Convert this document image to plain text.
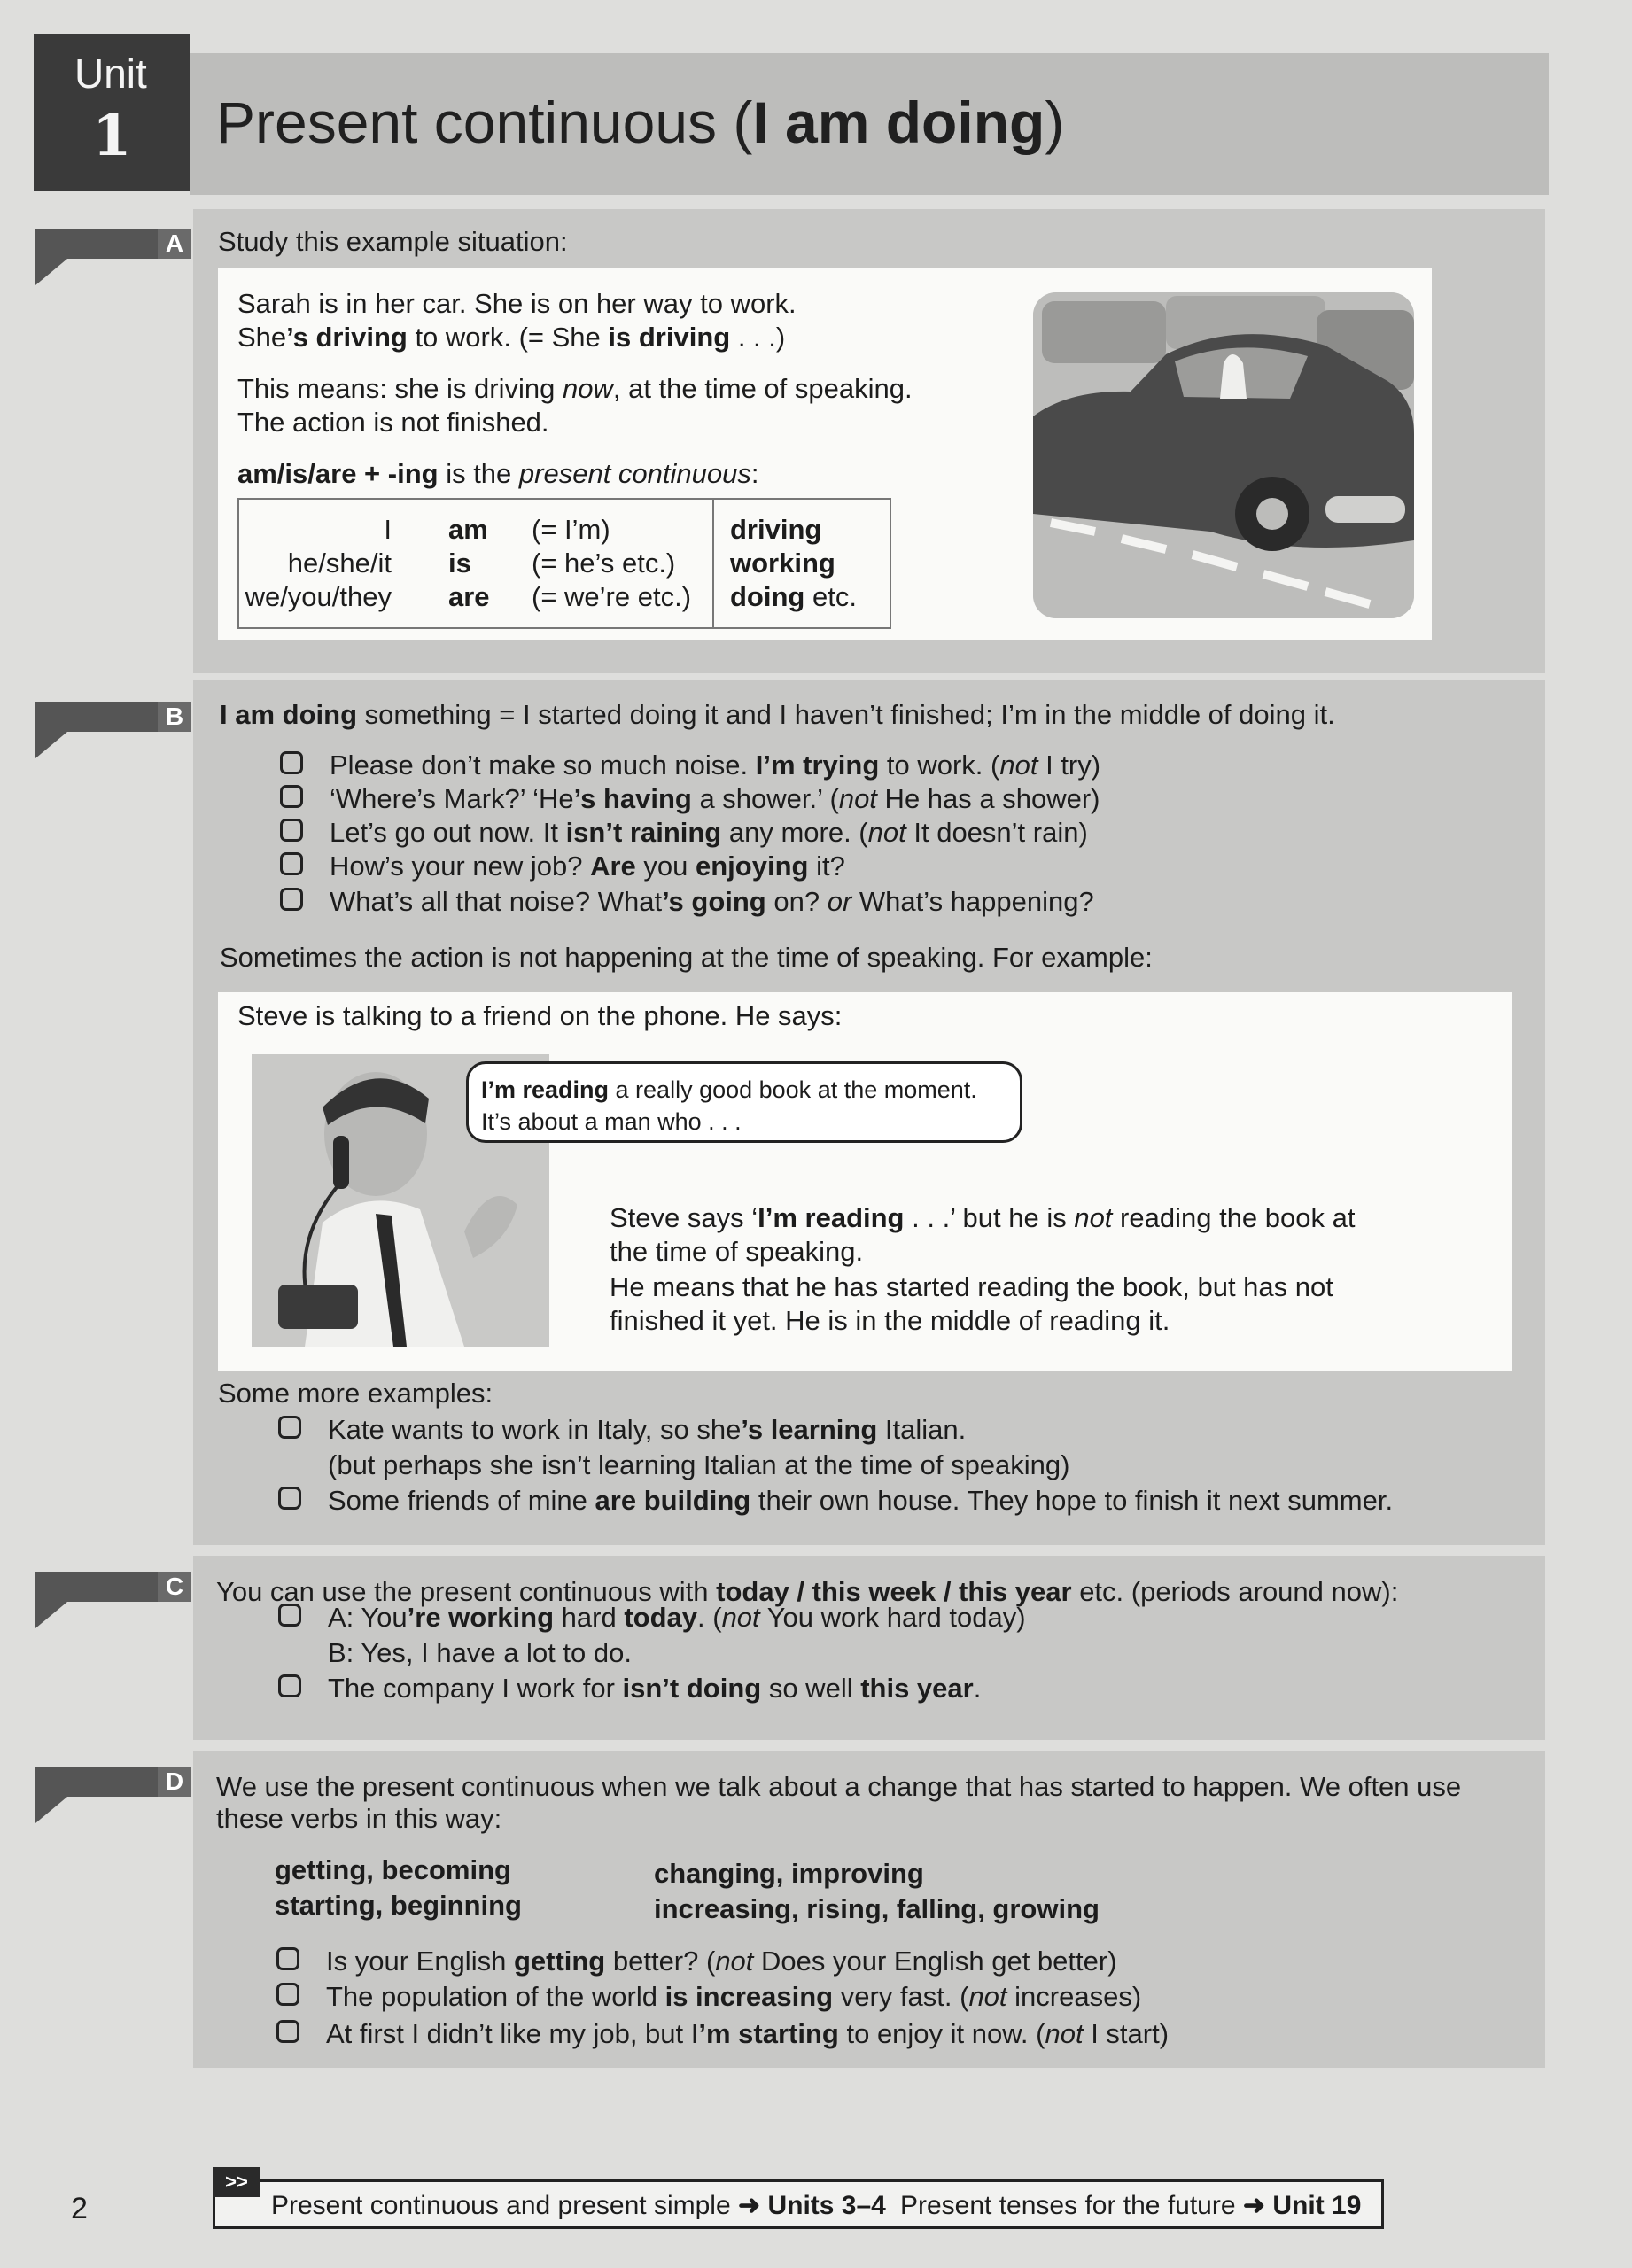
Unit
1 Present continuous (I am doing)
A Study this example situation:
Sarah is in her car. She is on her way to work.
She’s driving to work. (= She is driving . . .)
This means: she is driving now, at the time of speaking.
The action is not finished.
am/is/are + -ing is the present continuous:
I
he/she/it
we/you/they
am
is
are
(= I’m)
(= he’s etc.)
(= we’re etc.)
driving
working
doing etc.
B I am doing something = I started doing it and I haven’t finished; I’m in the middle of doing it.
Please don’t make so much noise. I’m trying to work. (not I try)
‘Where’s Mark?’ ‘He’s having a shower.’ (not He has a shower)
Let’s go out now. It isn’t raining any more. (not It doesn’t rain)
How’s your new job? Are you enjoying it?
What’s all that noise? What’s going on? or What’s happening?
Sometimes the action is not happening at the time of speaking. For example:
Steve is talking to a friend on the phone. He says:
I’m reading a really good book at the moment.
It’s about a man who . . .
Steve says ‘I’m reading . . .’ but he is not reading the book at
the time of speaking.
He means that he has started reading the book, but has not
finished it yet. He is in the middle of reading it.
Some more examples:
Kate wants to work in Italy, so she’s learning Italian.
(but perhaps she isn’t learning Italian at the time of speaking)
Some friends of mine are building their own house. They hope to finish it next summer.
C You can use the present continuous with today / this week / this year etc. (periods around now):
A: You’re working hard today. (not You work hard today)
B: Yes, I have a lot to do.
The company I work for isn’t doing so well this year.
D We use the present continuous when we talk about a change that has started to happen. We often use
these verbs in this way:
getting, becoming
starting, beginning
changing, improving
increasing, rising, falling, growing
Is your English getting better? (not Does your English get better)
The population of the world is increasing very fast. (not increases)
At first I didn’t like my job, but I’m starting to enjoy it now. (not I start)
2
>>
Present continuous and present simple ➜ Units 3–4 Present tenses for the future ➜ Unit 19
